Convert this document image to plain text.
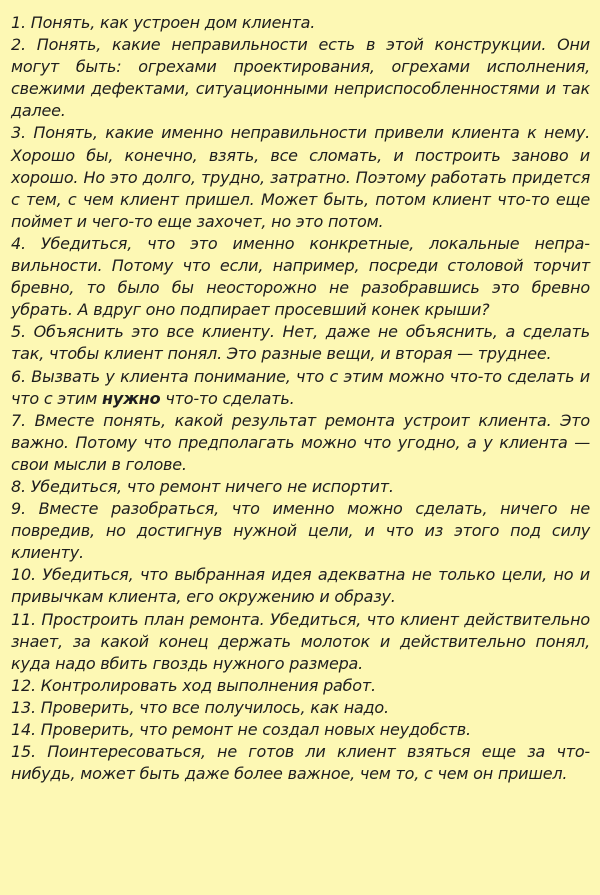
1. Понять, как устроен дом клиента.

2. Понять, какие неправильности есть в этой конструкции. Они могут быть: огрехами проектирования, огрехами исполнения, свежими дефектами, ситуационными неприспособленностями и так далее.

3. Понять, какие именно неправильности привели клиента к нему. Хорошо бы, конечно, взять, все сломать, и построить заново и хорошо. Но это долго, трудно, затратно. Поэтому работать придется с тем, с чем клиент пришел. Может быть, потом клиент что-то еще поймет и чего-то еще захочет, но это потом.

4. Убедиться, что это именно конкретные, локальные неправильности. Потому что если, например, посреди столовой торчит бревно, то было бы неосторожно не разобравшись это бревно убрать. А вдруг оно подпирает просевший конек крыши?

5. Объяснить это все клиенту. Нет, даже не объяснить, а сделать так, чтобы клиент понял. Это разные вещи, и вторая — труднее.

6. Вызвать у клиента понимание, что с этим можно что-то сделать и что с этим нужно что-то сделать.

7. Вместе понять, какой результат ремонта устроит клиента. Это важно. Потому что предполагать можно что угодно, а у клиента — свои мысли в голове.

8. Убедиться, что ремонт ничего не испортит.

9. Вместе разобраться, что именно можно сделать, ничего не повредив, но достигнув нужной цели, и что из этого под силу клиенту.

10. Убедиться, что выбранная идея адекватна не только цели, но и привычкам клиента, его окружению и образу.

11. Простроить план ремонта. Убедиться, что клиент действительно знает, за какой конец держать молоток и действительно понял, куда надо вбить гвоздь нужного размера.

12. Контролировать ход выполнения работ.

13. Проверить, что все получилось, как надо.

14. Проверить, что ремонт не создал новых неудобств.

15. Поинтересоваться, не готов ли клиент взяться еще за что-нибудь, может быть даже более важное, чем то, с чем он пришел.
